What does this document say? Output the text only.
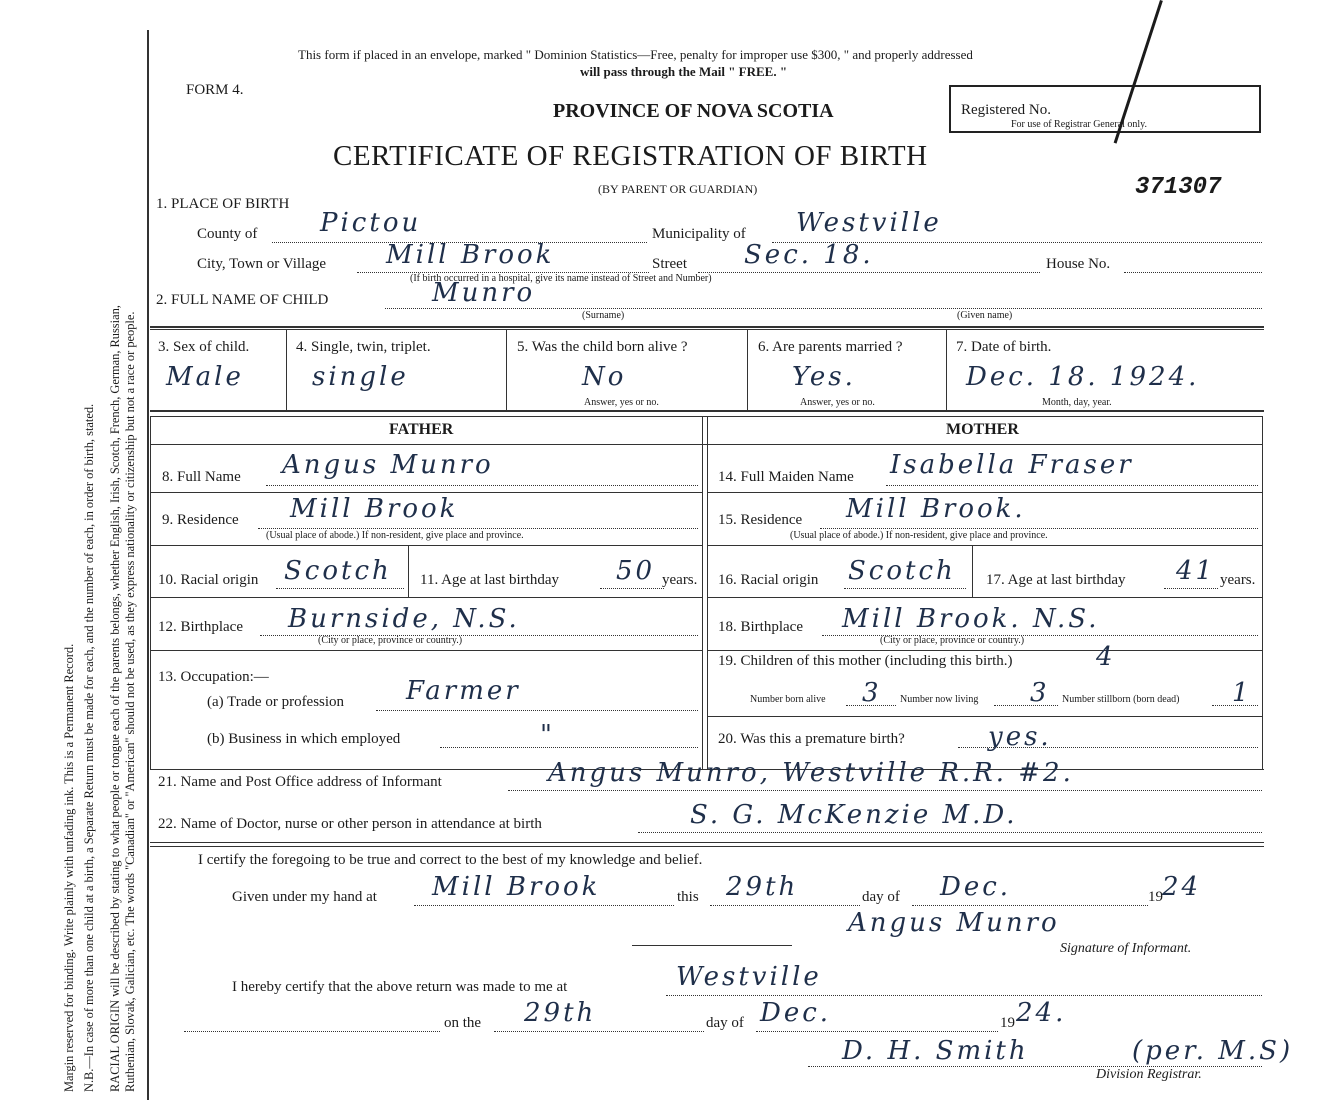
Margin reserved for binding. Write plainly with unfading ink. This is a Permanent Record. N.B.—In case of more than one child at a birth, a Separate Return must be made for each, and the number of each, in order of birth, stated. RACIAL ORIGIN will be described by stating to what people or tongue each of the parents belongs, whether English, Irish, Scotch, French, German, Russian, Ruthenian, Slovak, Galician, etc. The words "Canadian" or "American" should not be used, as they express nationality or citizenship but not a race or people.
This form if placed in an envelope, marked " Dominion Statistics—Free, penalty for improper use $300, " and properly addressed
will pass through the Mail " FREE. "
FORM 4.
PROVINCE OF NOVA SCOTIA	Registered No.
For use of Registrar General only.
CERTIFICATE OF REGISTRATION OF BIRTH
(BY PARENT OR GUARDIAN)	371307
1. PLACE OF BIRTH
County of Pictou	Municipality of Westville
City, Town or Village Mill Brook	Street Sec. 18.	House No.
(If birth occurred in a hospital, give its name instead of Street and Number)
2. FULL NAME OF CHILD	Munro
(Surname)	(Given name)
3. Sex of child.
Male
4. Single, twin, triplet.
single
5. Was the child born alive ?
No
Answer, yes or no.
6. Are parents married ?
Yes.
Answer, yes or no.
7. Date of birth.
Dec. 18. 1924.
Month, day, year.
FATHER	MOTHER
8. Full Name Angus Munro
9. Residence Mill Brook
(Usual place of abode.) If non-resident, give place and province.
10. Racial origin Scotch 11. Age at last birthday 50 years.
12. Birthplace Burnside, N.S.
(City or place, province or country.)
13. Occupation:—
(a) Trade or profession Farmer
(b) Business in which employed	"
14. Full Maiden Name Isabella Fraser
15. Residence Mill Brook.
(Usual place of abode.) If non-resident, give place and province.
16. Racial origin Scotch 17. Age at last birthday 41 years.
18. Birthplace Mill Brook. N.S.
(City or place, province or country.)
19. Children of this mother (including this birth.)	4
Number born alive 3 Number now living 3 Number stillborn (born dead) 1
20. Was this a premature birth?	yes.
21. Name and Post Office address of Informant	Angus Munro, Westville R.R. #2.
22. Name of Doctor, nurse or other person in attendance at birth	S. G. McKenzie M.D.
I certify the foregoing to be true and correct to the best of my knowledge and belief.
Given under my hand at Mill Brook	this 29th	day of Dec.	19 24
Angus Munro
Signature of Informant.
I hereby certify that the above return was made to me at	Westville
on the 29th	day of Dec.	19 24.
D. H. Smith	(per. M.S)
Division Registrar.
